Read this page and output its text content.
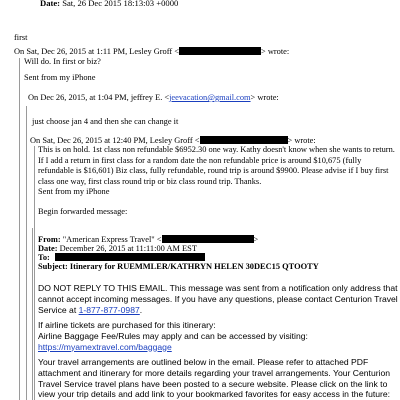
Date: Sat, 26 Dec 2015 18:13:03 +0000
first
On Sat, Dec 26, 2015 at 1:11 PM, Lesley Groff <	> wrote:
Will do. In first or biz?
Sent from my iPhone
On Dec 26, 2015, at 1:04 PM, jeffrey E. <jeevacation@gmail.com> wrote:
just choose jan 4 and then she can change it
On Sat, Dec 26, 2015 at 12:40 PM, Lesley Groff <	> wrote:
This is on hold. 1st class non refundable $6952.30 one way. Kathy doesn't know when she wants to return.
If I add a return in first class for a random date the non refundable price is around $10,675 (fully
refundable is $16,601) Biz class, fully refundable, round trip is around $9900. Please advise if I buy first
class one way, first class round trip or biz class round trip. Thanks.
Sent from my iPhone
Begin forwarded message:
From: "American Express Travel" <	>
Date: December 26, 2015 at 11:11:00 AM EST
To:
Subject: Itinerary for RUEMMLER/KATHRYN HELEN 30DEC15 QTOOTY
DO NOT REPLY TO THIS EMAIL. This message was sent from a notification only address that
cannot accept incoming messages. If you have any questions, please contact Centurion Travel
Service at 1-877-877-0987.
If airline tickets are purchased for this itinerary:
Airline Baggage Fee/Rules may apply and can be accessed by visiting:
https://myamextravel.com/baggage
Your travel arrangements are outlined below in the email. Please refer to attached PDF
attachment and itinerary for more details regarding your travel arrangements. Your Centurion
Travel Service travel plans have been posted to a secure website. Please click on the link to
view your trip details and add link to your bookmarked favorites for easy access in the future:
